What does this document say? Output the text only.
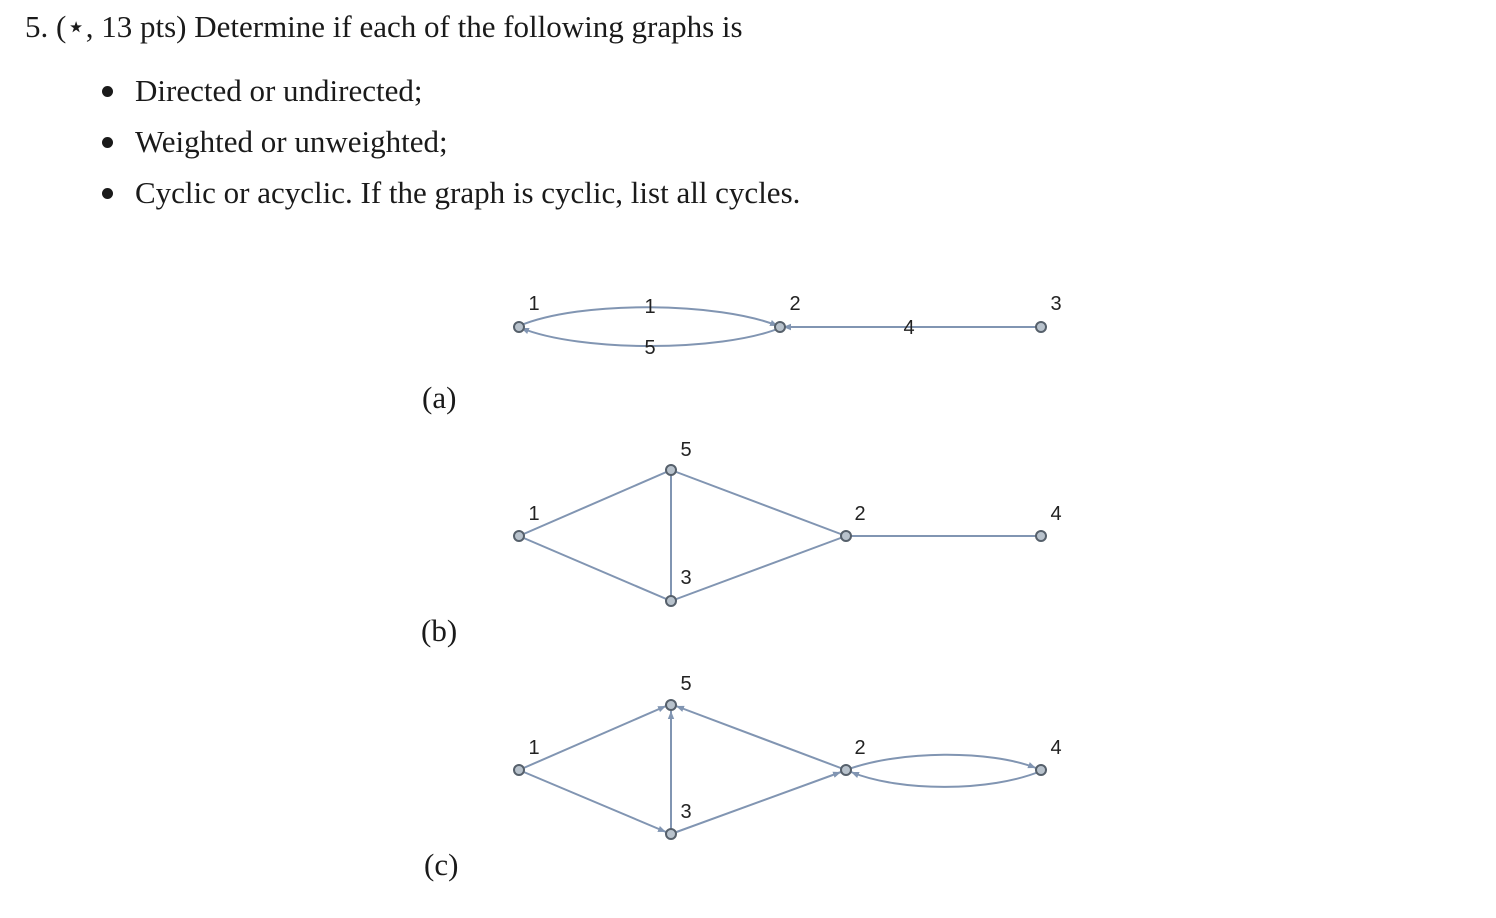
5. (⋆, 13 pts) Determine if each of the following graphs is
Directed or undirected;
Weighted or unweighted;
Cyclic or acyclic. If the graph is cyclic, list all cycles.
(a)
(b)
(c)
1
5
4
1	2	3
5
1	2	4
3
5
1	2	4
3
